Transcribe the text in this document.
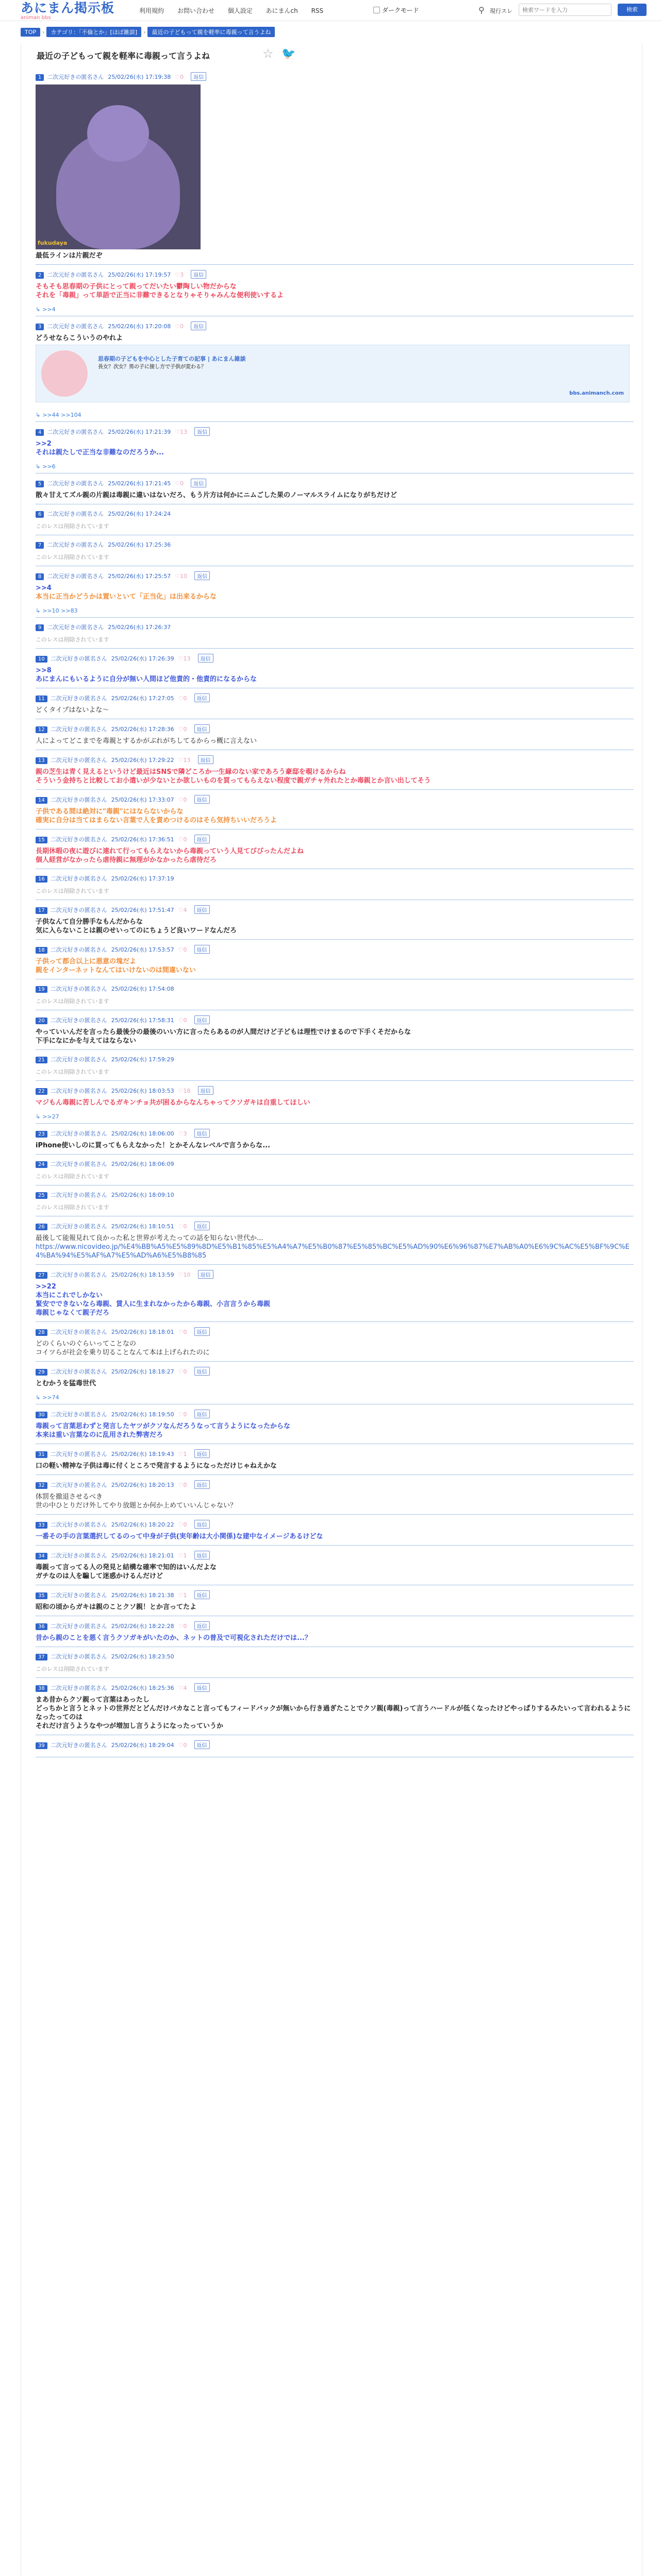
あにまん掲示板
animan bbs
利用規約 お問い合わせ 個人設定 あにまんch RSS	ダークモード	⚲ 現行スレ
検索ワードを入力	検索
TOP › カテゴリ：「不倫とか」[ほぼ雑談] › 最近の子どもって親を軽率に毒親って言うよね
最近の子どもって親を軽率に毒親って言うよね	☆ 🐦
1 二次元好きの匿名さん 25/02/26(水) 17:19:38 ♡0 返信
fukudaya
最低ラインは片親だぞ
2 二次元好きの匿名さん 25/02/26(水) 17:19:57 ♡3 返信
そもそも思春期の子供にとって親ってだいたい鬱陶しい物だからな
それを「毒親」って単語で正当に非難できるとなりゃそりゃみんな便利使いするよ
↳ >>4
3 二次元好きの匿名さん 25/02/26(水) 17:20:08 ♡0 返信
どうせならこういうのやれよ
思春期の子どもを中心とした子育ての記事 | あにまん雑談
長女？次女？男の子に接し方で子供が変わる？
bbs.animanch.com
↳ >>44 >>104
4 二次元好きの匿名さん 25/02/26(水) 17:21:39 ♡13 返信
>>2
それは親たしで正当な非難なのだろうか...
↳ >>6
5 二次元好きの匿名さん 25/02/26(水) 17:21:45 ♡0 返信
散々甘えてズル親の片親は毒親に違いはないだろ、もう片方は何かにニムごした果のノーマルスライムになりがちだけど
6 二次元好きの匿名さん 25/02/26(水) 17:24:24
このレスは削除されています
7 二次元好きの匿名さん 25/02/26(水) 17:25:36
このレスは削除されています
8 二次元好きの匿名さん 25/02/26(水) 17:25:57 ♡10 返信
>>4
本当に正当かどうかは置いといて「正当化」は出来るからな
↳ >>10 >>83
9 二次元好きの匿名さん 25/02/26(水) 17:26:37
このレスは削除されています
10 二次元好きの匿名さん 25/02/26(水) 17:26:39 ♡13 返信
>>8
あにまんにもいるように自分が無い人間ほど他責的・他責的になるからな
11 二次元好きの匿名さん 25/02/26(水) 17:27:05 ♡0 返信
どくタイプはないよな～
12 二次元好きの匿名さん 25/02/26(水) 17:28:36 ♡0 返信
人によってどこまでを毒親とするかがぶれがちしてるからっ概に言えない
13 二次元好きの匿名さん 25/02/26(水) 17:29:22 ♡13 返信
親の芝生は青く見えるというけど最近はSNSで隣どころか一生縁のない家であろう豪邸を覗けるからね
そういう金持ちと比較してお小遣いが少ないとか欲しいものを買ってもらえない程度で親ガチャ外れたとか毒親とか言い出してそう
14 二次元好きの匿名さん 25/02/26(水) 17:33:07 ♡0 返信
子供である間は絶対に"毒親"にはならないからな
確実に自分は当てはまらない言葉で人を責めつけるのはそら気持ちいいだろうよ
15 二次元好きの匿名さん 25/02/26(水) 17:36:51 ♡0 返信
長期休暇の夜に遊びに連れて行ってもらえないから毒親っていう人見てびびったんだよね
個人経営がなかったら虐待親に無理がかなかったら虐待だろ
16 二次元好きの匿名さん 25/02/26(水) 17:37:19
このレスは削除されています
17 二次元好きの匿名さん 25/02/26(水) 17:51:47 ♡4 返信
子供なんて自分勝手なもんだからな
気に入らないことは親のせいってのにちょうど良いワードなんだろ
18 二次元好きの匿名さん 25/02/26(水) 17:53:57 ♡0 返信
子供って都合以上に悪意の塊だよ
親をインターネットなんてはいけないのは間違いない
19 二次元好きの匿名さん 25/02/26(水) 17:54:08
このレスは削除されています
20 二次元好きの匿名さん 25/02/26(水) 17:58:31 ♡0 返信
やっていいんだを言ったら最後分の最後のいい方に言ったらあるのが人間だけど子どもは理性でけまるので下手くそだからな
下手になにかを与えてはならない
21 二次元好きの匿名さん 25/02/26(水) 17:59:29
このレスは削除されています
22 二次元好きの匿名さん 25/02/26(水) 18:03:53 ♡18 返信
マジもん毒親に苦しんでるガキンチョ共が困るからなんちゃってクソガキは自重してほしい
↳ >>27
23 二次元好きの匿名さん 25/02/26(水) 18:06:00 ♡3 返信
iPhone使いしのに買ってもらえなかった！とかそんなレベルで言うからな...
24 二次元好きの匿名さん 25/02/26(水) 18:06:09
このレスは削除されています
25 二次元好きの匿名さん 25/02/26(水) 18:09:10
このレスは削除されています
26 二次元好きの匿名さん 25/02/26(水) 18:10:51 ♡0 返信
最後して能報見れて良かった私と世界が考えたっての話を知らない世代か...
https://www.nicovideo.jp/%E4%BB%A5%E5%89%8D%E5%B1%85%E5%A4%A7%E5%B0%87%E5%85%BC%E5%AD%90%E6%96%87%E7%AB%A0%E6%9C%AC%E5%BF%9C%E4%BA%94%E5%AF%A7%E5%AD%A6%E5%B8%85
27 二次元好きの匿名さん 25/02/26(水) 18:13:59 ♡10 返信
>>22
本当にこれでしかない
緊安でできないなら毒親、賃人に生まれなかったから毒親、小言言うから毒親
毒親じゃなくて親子だろ
28 二次元好きの匿名さん 25/02/26(水) 18:18:01 ♡0 返信
どのくらいのぐらいってことなの
コイツらが社会を乗り切ることなんて本は上げられたのに
29 二次元好きの匿名さん 25/02/26(水) 18:18:27 ♡0 返信
とむかうを猛毒世代
↳ >>74
30 二次元好きの匿名さん 25/02/26(水) 18:19:50 ♡0 返信
毒親って言葉思わずと発言したヤツがクソなんだろうなって言うようになったからな
本来は重い言葉なのに乱用された弊害だろ
31 二次元好きの匿名さん 25/02/26(水) 18:19:43 ♡1 返信
口の軽い精神な子供は毒に付くところで発言するようになっただけじゃねえかな
32 二次元好きの匿名さん 25/02/26(水) 18:20:13 ♡0 返信
体罰を撤退させるべき
世の中ひとりだけ外してやり放題とか何か上めていいんじゃない？
33 二次元好きの匿名さん 25/02/26(水) 18:20:22 ♡0 返信
一番その手の言葉選択してるのって中身が子供(実年齢は大小関係)な建中なイメージあるけどな
34 二次元好きの匿名さん 25/02/26(水) 18:21:01 ♡1 返信
毒親って言ってる人の発見と結構な確率で知的はいんだよな
ガチなのは人を騙して迷惑かけるんだけど
35 二次元好きの匿名さん 25/02/26(水) 18:21:38 ♡1 返信
昭和の頃からガキは親のことクソ親！とか言ってたよ
36 二次元好きの匿名さん 25/02/26(水) 18:22:28 ♡0 返信
昔から親のことを悪く言うクソガキがいたのか、ネットの普及で可視化されただけでは...？
37 二次元好きの匿名さん 25/02/26(水) 18:23:50
このレスは削除されています
38 二次元好きの匿名さん 25/02/26(水) 18:25:36 ♡4 返信
まあ昔からクソ親って言葉はあったし
どっちかと言うとネットの世界だとどんだけバカなこと言ってもフィードバックが無いから行き過ぎたことでクソ親(毒親)って言うハードルが低くなったけどやっぱりするみたいって言われるようになったってのは
それだけ言うようなやつが増加し言うようになったっていうか
39 二次元好きの匿名さん 25/02/26(水) 18:29:04 ♡0 返信
